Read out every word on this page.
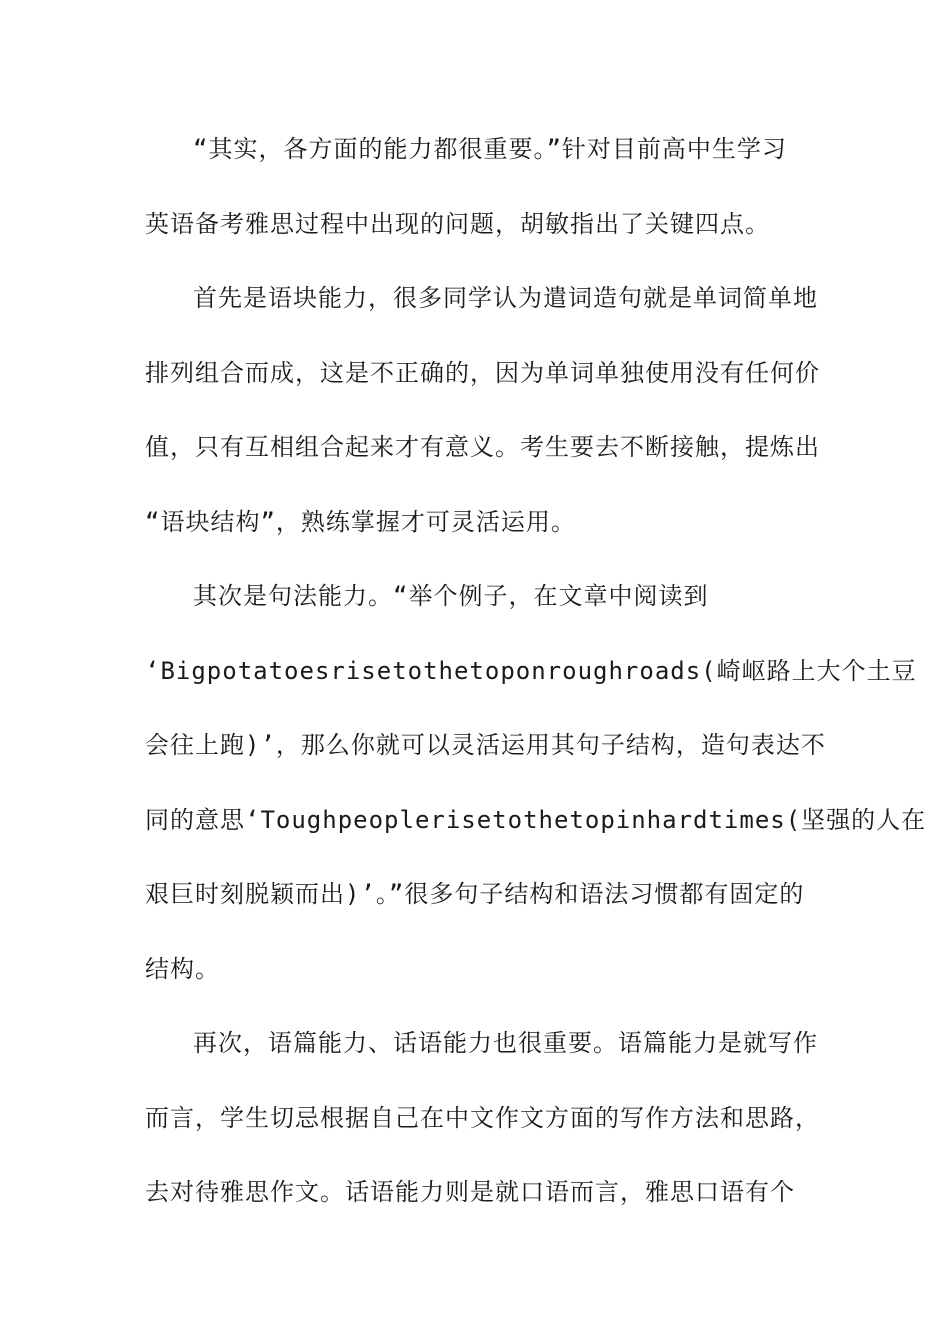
“其实，各方面的能力都很重要。”针对目前高中生学习
英语备考雅思过程中出现的问题，胡敏指出了关键四点。
首先是语块能力，很多同学认为遣词造句就是单词简单地
排列组合而成，这是不正确的，因为单词单独使用没有任何价
值，只有互相组合起来才有意义。考生要去不断接触，提炼出
“语块结构”，熟练掌握才可灵活运用。
其次是句法能力。“举个例子，在文章中阅读到
‘Bigpotatoesrisetothetoponroughroads(崎岖路上大个土豆
会往上跑)’，那么你就可以灵活运用其句子结构，造句表达不
同的意思‘Toughpeoplerisetothetopinhardtimes(坚强的人在
艰巨时刻脱颖而出)’。”很多句子结构和语法习惯都有固定的
结构。
再次，语篇能力、话语能力也很重要。语篇能力是就写作
而言，学生切忌根据自己在中文作文方面的写作方法和思路，
去对待雅思作文。话语能力则是就口语而言，雅思口语有个
